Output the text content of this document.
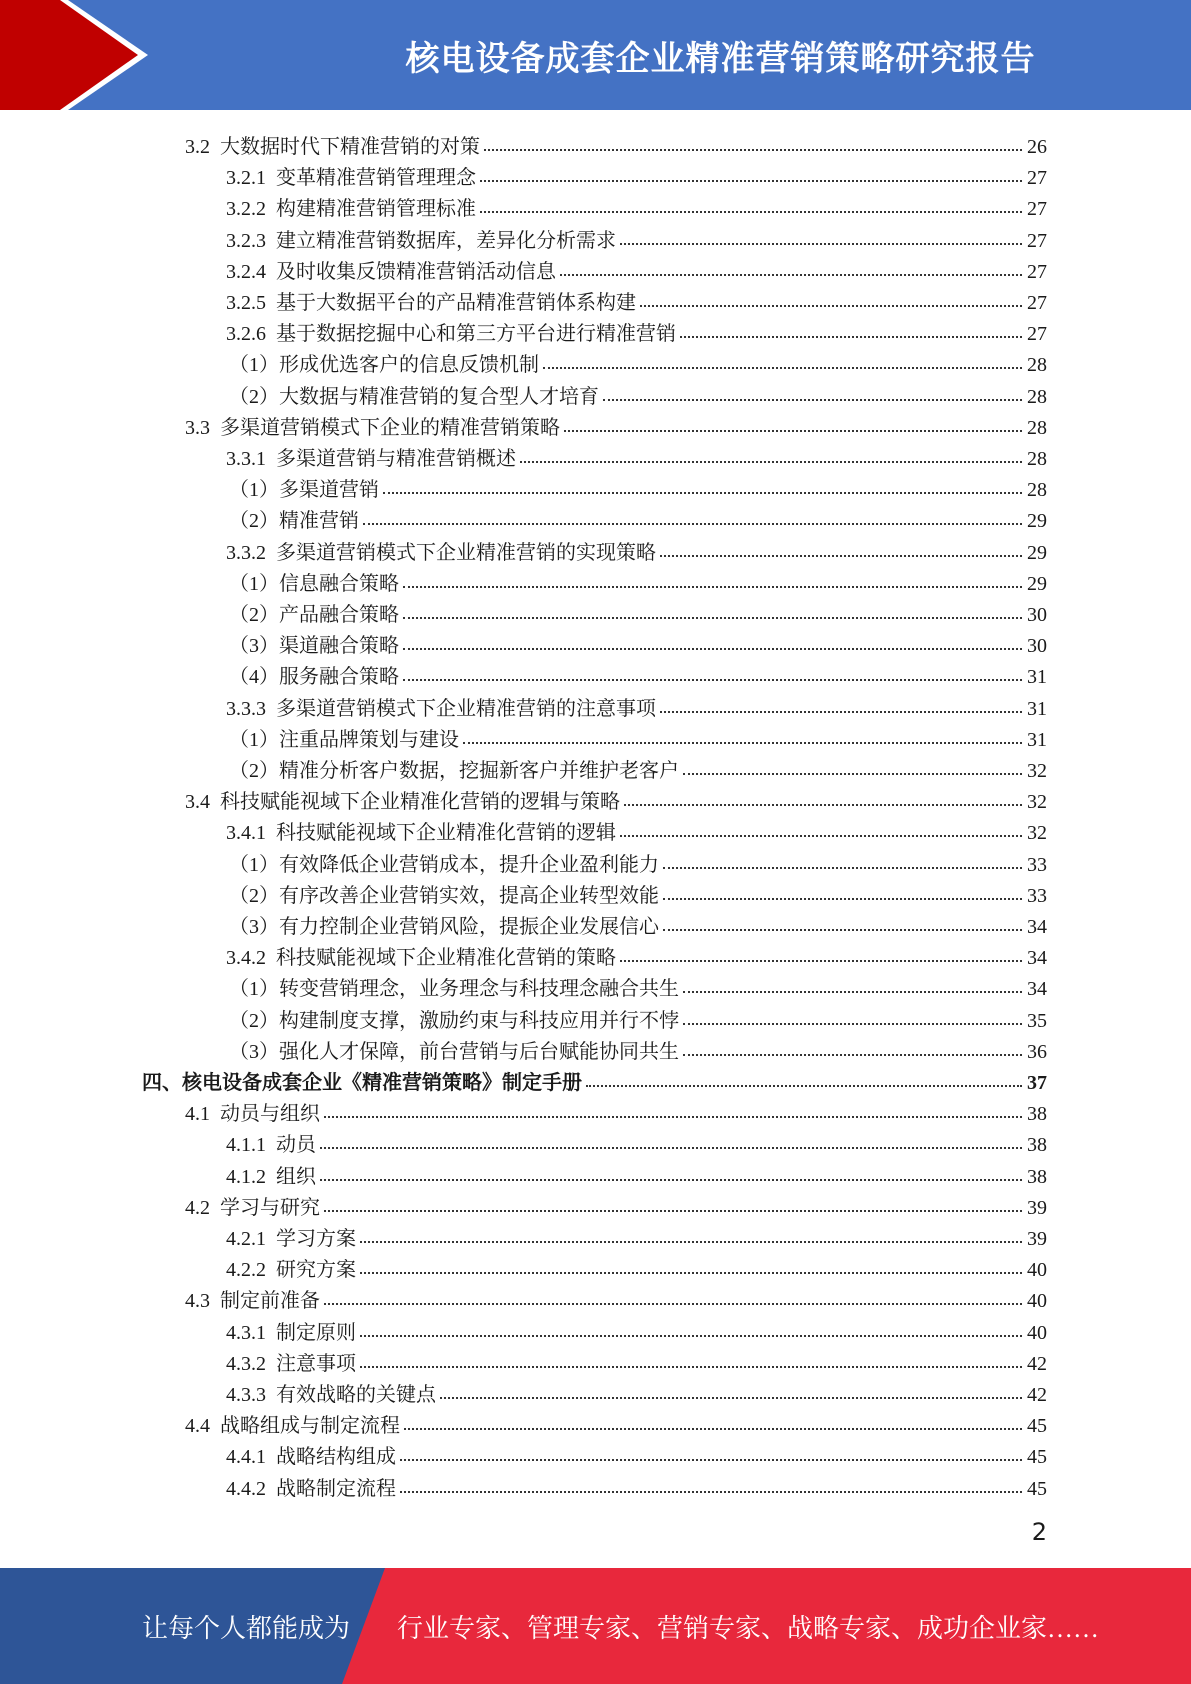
核电设备成套企业精准营销策略研究报告
3.2 大数据时代下精准营销的对策	26
3.2.1 变革精准营销管理理念	27
3.2.2 构建精准营销管理标准	27
3.2.3 建立精准营销数据库，差异化分析需求	27
3.2.4 及时收集反馈精准营销活动信息	27
3.2.5 基于大数据平台的产品精准营销体系构建	27
3.2.6 基于数据挖掘中心和第三方平台进行精准营销	27
（1） 形成优选客户的信息反馈机制	28
（2） 大数据与精准营销的复合型人才培育	28
3.3 多渠道营销模式下企业的精准营销策略	28
3.3.1 多渠道营销与精准营销概述	28
（1） 多渠道营销	28
（2） 精准营销	29
3.3.2 多渠道营销模式下企业精准营销的实现策略	29
（1） 信息融合策略	29
（2） 产品融合策略	30
（3） 渠道融合策略	30
（4） 服务融合策略	31
3.3.3 多渠道营销模式下企业精准营销的注意事项	31
（1） 注重品牌策划与建设	31
（2） 精准分析客户数据，挖掘新客户并维护老客户	32
3.4 科技赋能视域下企业精准化营销的逻辑与策略	32
3.4.1 科技赋能视域下企业精准化营销的逻辑	32
（1） 有效降低企业营销成本，提升企业盈利能力	33
（2） 有序改善企业营销实效，提高企业转型效能	33
（3） 有力控制企业营销风险，提振企业发展信心	34
3.4.2 科技赋能视域下企业精准化营销的策略	34
（1） 转变营销理念，业务理念与科技理念融合共生	34
（2） 构建制度支撑，激励约束与科技应用并行不悖	35
（3） 强化人才保障，前台营销与后台赋能协同共生	36
四、 核电设备成套企业《精准营销策略》制定手册	37
4.1 动员与组织	38
4.1.1 动员	38
4.1.2 组织	38
4.2 学习与研究	39
4.2.1 学习方案	39
4.2.2 研究方案	40
4.3 制定前准备	40
4.3.1 制定原则	40
4.3.2 注意事项	42
4.3.3 有效战略的关键点	42
4.4 战略组成与制定流程	45
4.4.1 战略结构组成	45
4.4.2 战略制定流程	45
2
让每个人都能成为 行业专家、管理专家、营销专家、战略专家、成功企业家……
